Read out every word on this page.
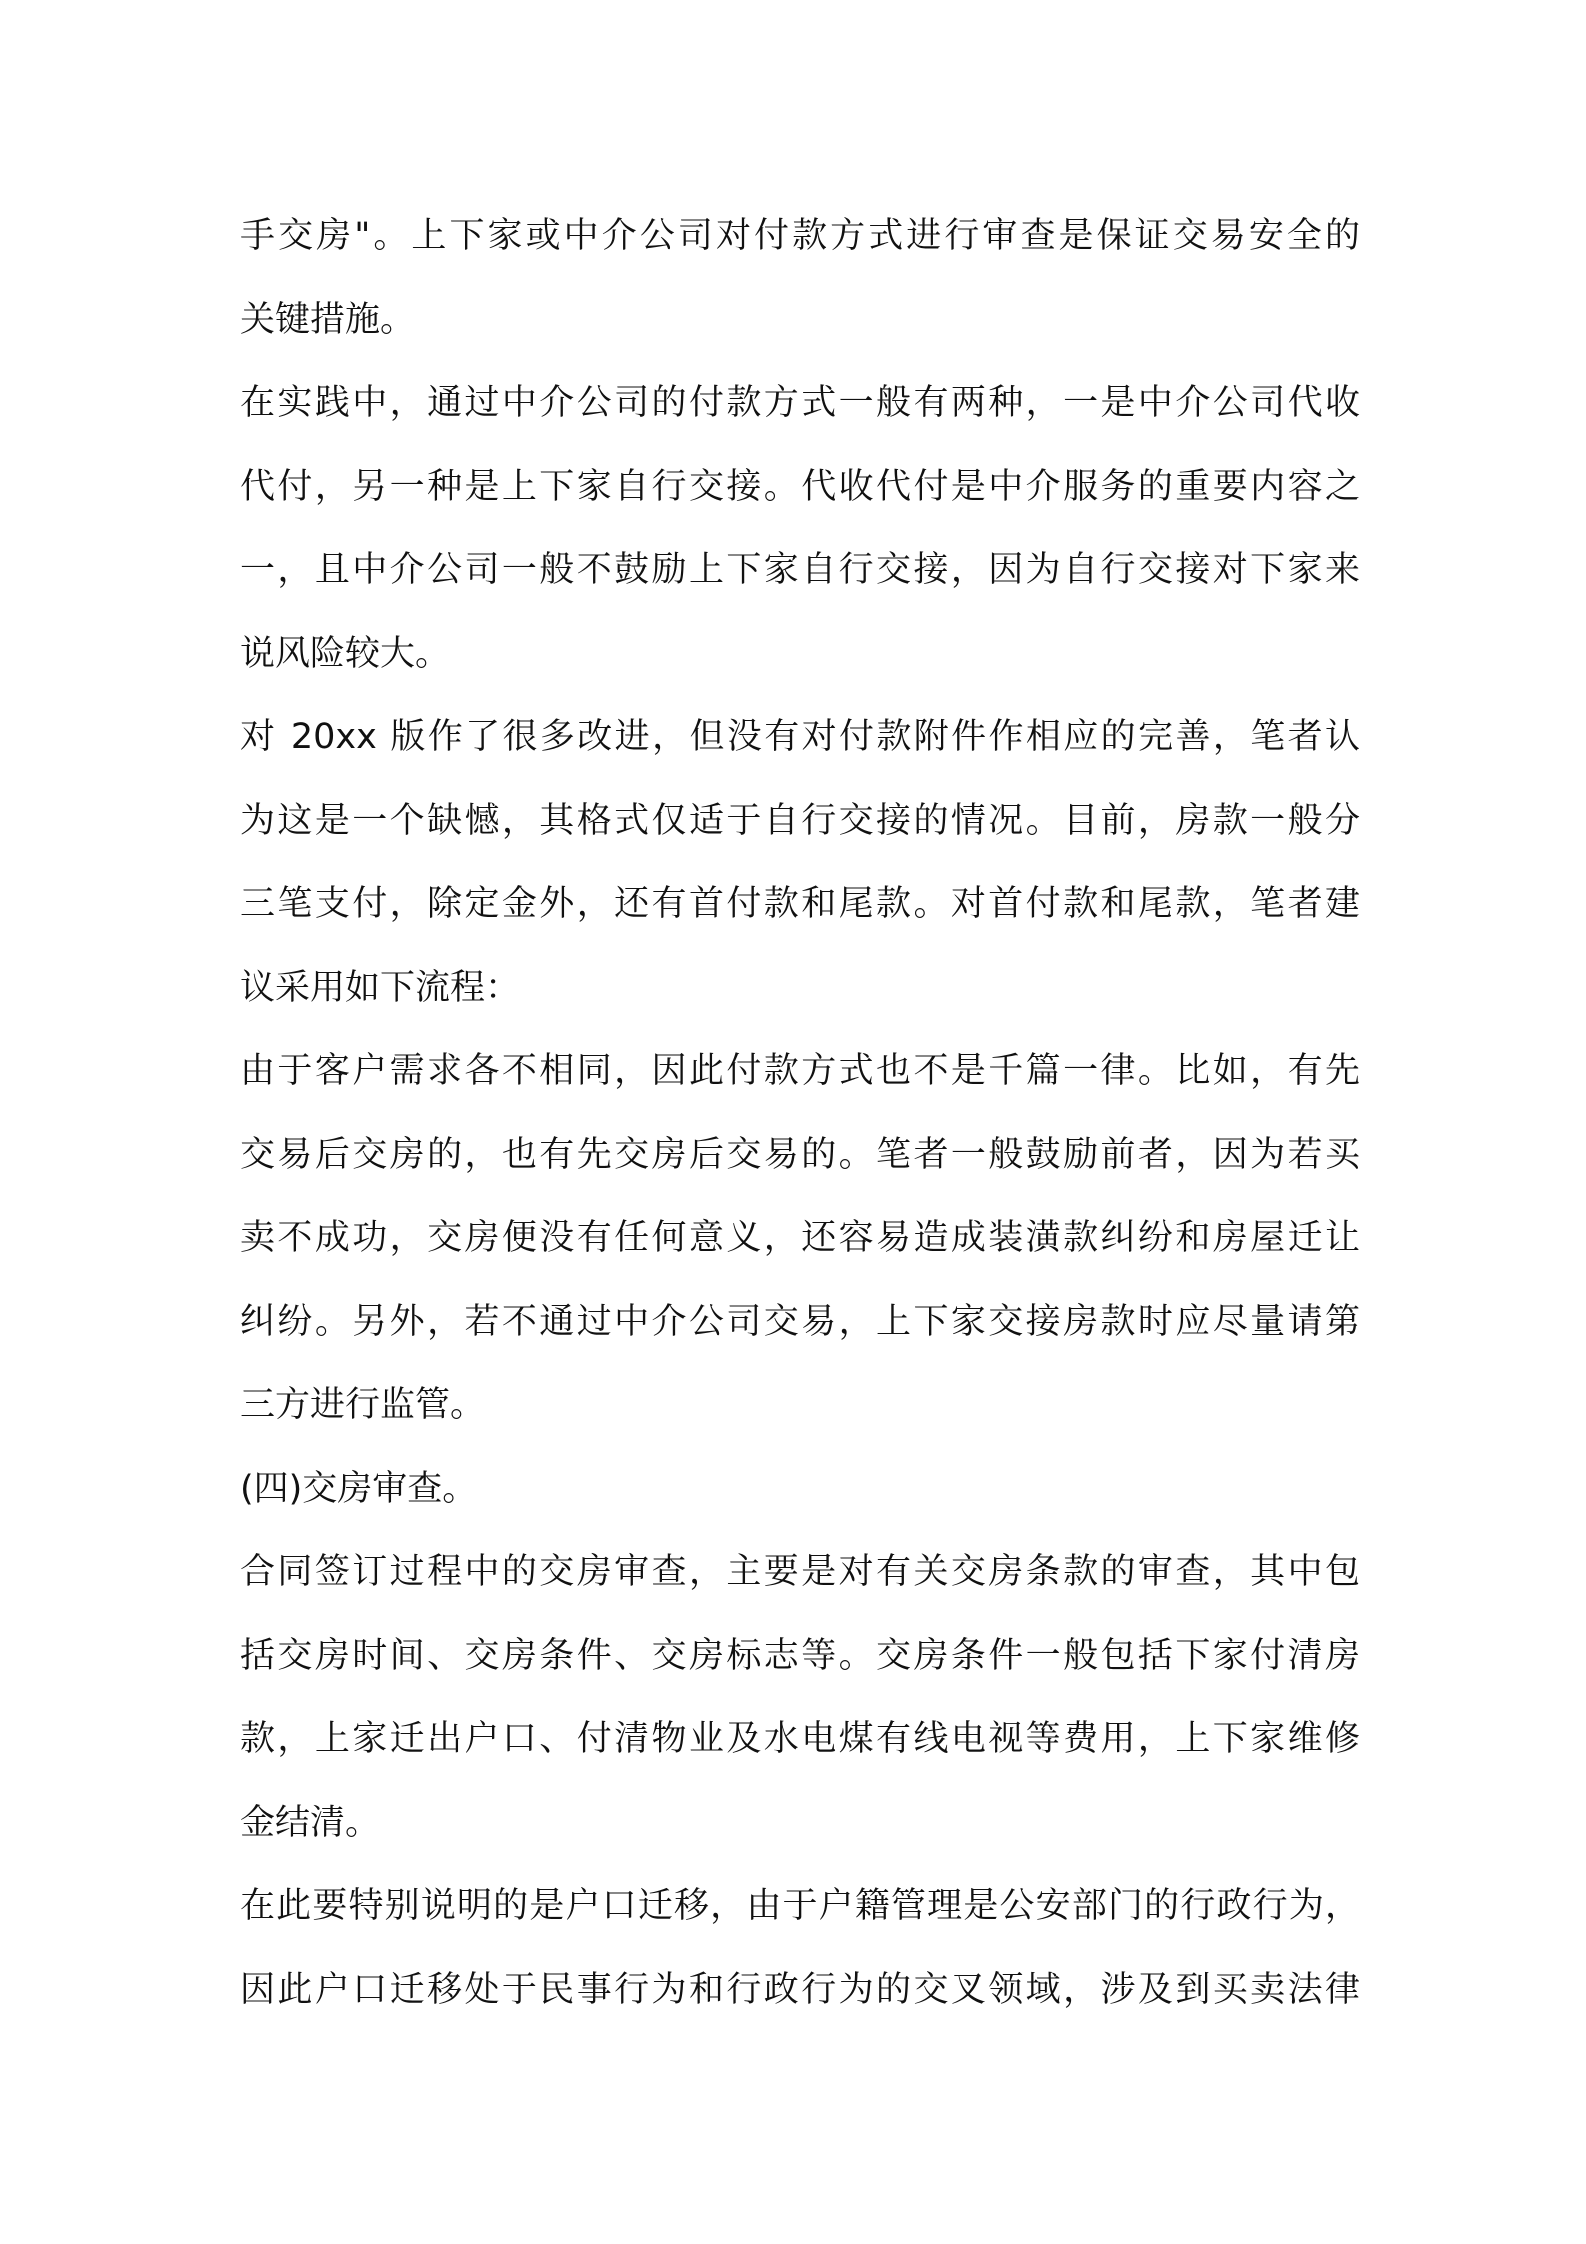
手交房"。上下家或中介公司对付款方式进行审查是保证交易安全的
关键措施。
在实践中，通过中介公司的付款方式一般有两种，一是中介公司代收
代付，另一种是上下家自行交接。代收代付是中介服务的重要内容之
一，且中介公司一般不鼓励上下家自行交接，因为自行交接对下家来
说风险较大。
对 20xx 版作了很多改进，但没有对付款附件作相应的完善，笔者认
为这是一个缺憾，其格式仅适于自行交接的情况。目前，房款一般分
三笔支付，除定金外，还有首付款和尾款。对首付款和尾款，笔者建
议采用如下流程：
由于客户需求各不相同，因此付款方式也不是千篇一律。比如，有先
交易后交房的，也有先交房后交易的。笔者一般鼓励前者，因为若买
卖不成功，交房便没有任何意义，还容易造成装潢款纠纷和房屋迁让
纠纷。另外，若不通过中介公司交易，上下家交接房款时应尽量请第
三方进行监管。
(四)交房审查。
合同签订过程中的交房审查，主要是对有关交房条款的审查，其中包
括交房时间、交房条件、交房标志等。交房条件一般包括下家付清房
款，上家迁出户口、付清物业及水电煤有线电视等费用，上下家维修
金结清。
在此要特别说明的是户口迁移，由于户籍管理是公安部门的行政行为，
因此户口迁移处于民事行为和行政行为的交叉领域，涉及到买卖法律
